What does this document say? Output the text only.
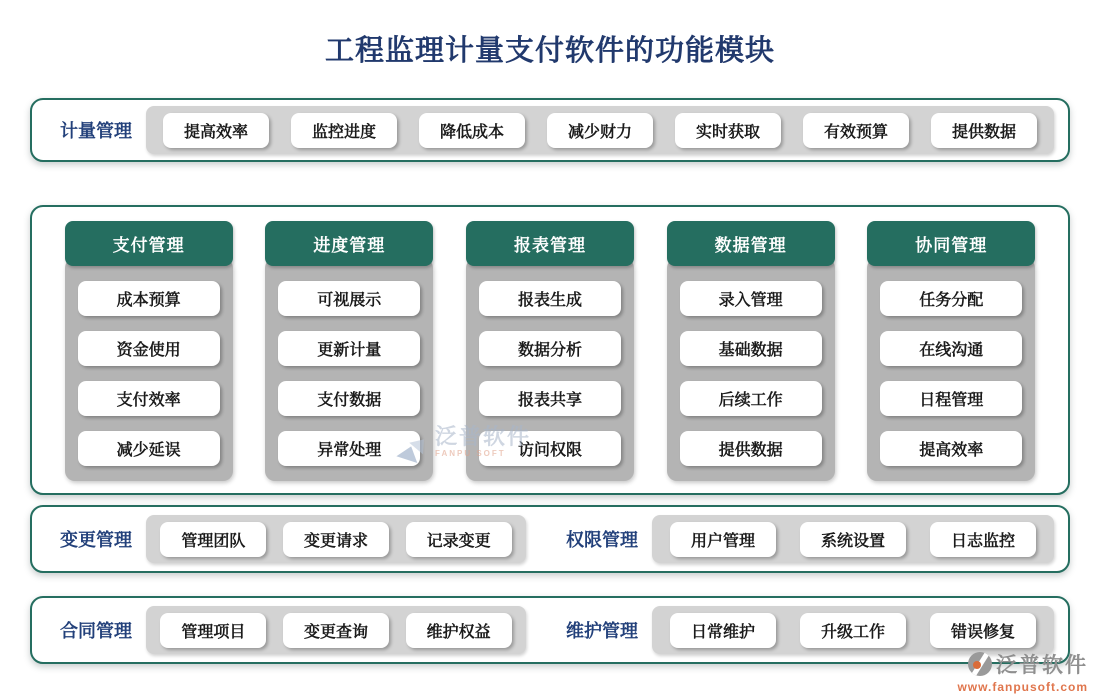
工程监理计量支付软件的功能模块
计量管理	提高效率	监控进度	降低成本	减少财力	实时获取	有效预算	提供数据
支付管理
成本预算
资金使用
支付效率
减少延误
进度管理
可视展示
更新计量
支付数据
异常处理
报表管理
报表生成
数据分析
报表共享
访问权限
数据管理
录入管理
基础数据
后续工作
提供数据
协同管理
任务分配
在线沟通
日程管理
提高效率
变更管理	管理团队	变更请求	记录变更	权限管理	用户管理	系统设置	日志监控
合同管理	管理项目	变更查询	维护权益	维护管理	日常维护	升级工作	错误修复
泛普软件
FANPU SOFT
泛普软件
www.fanpusoft.com
